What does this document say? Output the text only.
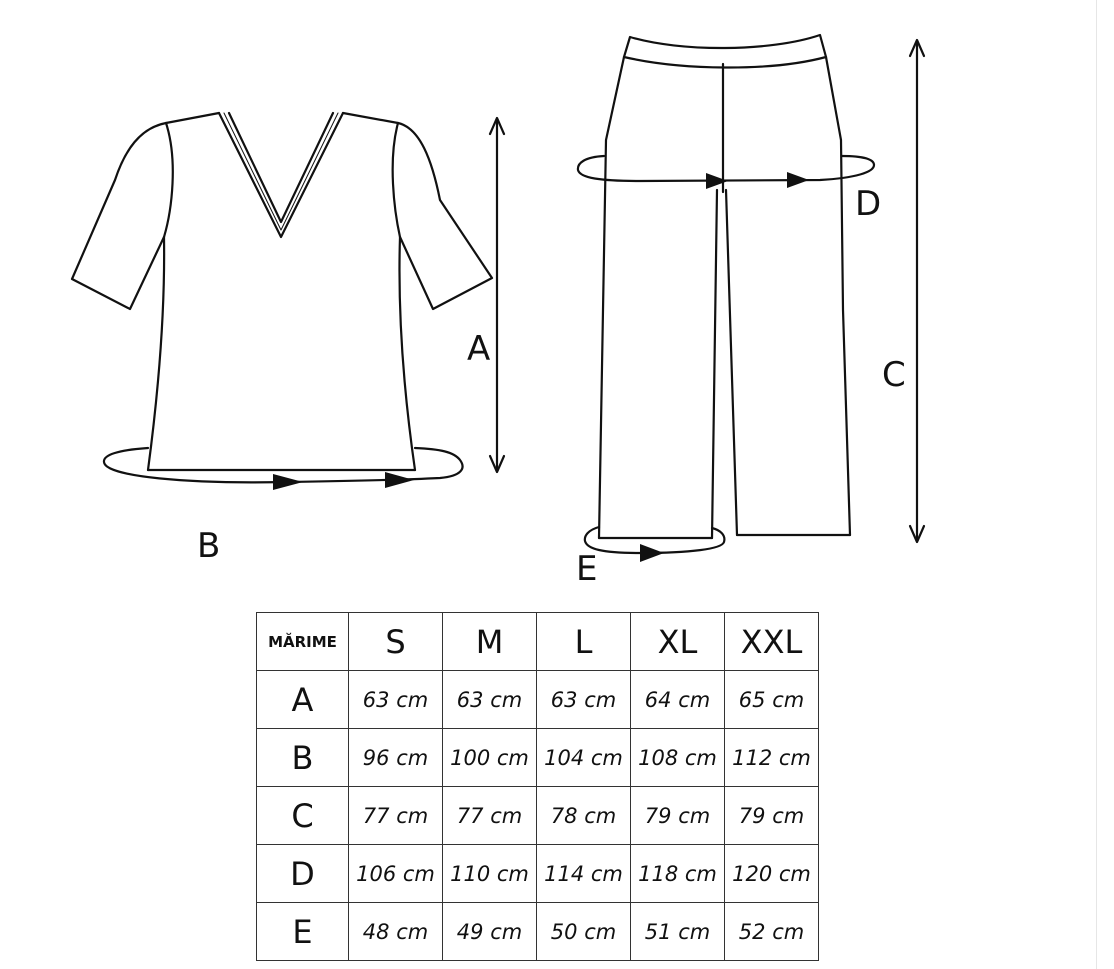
A
B
C
D
E
MĂRIME	S	M	L	XL	XXL
A	63 cm	63 cm	63 cm	64 cm	65 cm
B	96 cm	100 cm	104 cm	108 cm	112 cm
C	77 cm	77 cm	78 cm	79 cm	79 cm
D	106 cm	110 cm	114 cm	118 cm	120 cm
E	48 cm	49 cm	50 cm	51 cm	52 cm
